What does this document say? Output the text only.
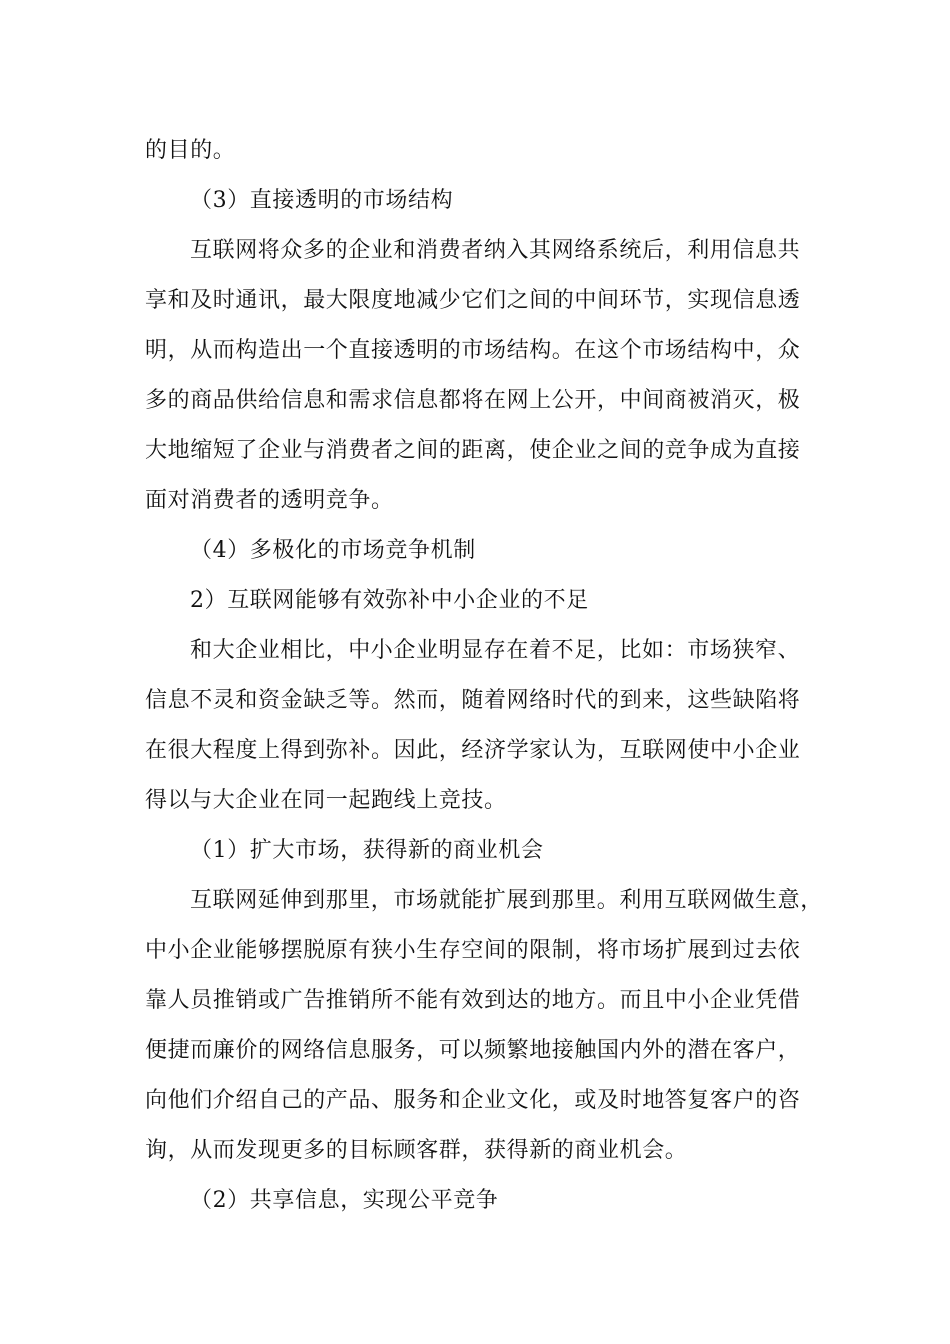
的目的。
（3）直接透明的市场结构
互联网将众多的企业和消费者纳入其网络系统后，利用信息共
享和及时通讯，最大限度地减少它们之间的中间环节，实现信息透
明，从而构造出一个直接透明的市场结构。在这个市场结构中，众
多的商品供给信息和需求信息都将在网上公开，中间商被消灭，极
大地缩短了企业与消费者之间的距离，使企业之间的竞争成为直接
面对消费者的透明竞争。
（4）多极化的市场竞争机制
2）互联网能够有效弥补中小企业的不足
和大企业相比，中小企业明显存在着不足，比如：市场狭窄、
信息不灵和资金缺乏等。然而，随着网络时代的到来，这些缺陷将
在很大程度上得到弥补。因此，经济学家认为，互联网使中小企业
得以与大企业在同一起跑线上竞技。
（1）扩大市场，获得新的商业机会
互联网延伸到那里，市场就能扩展到那里。利用互联网做生意，
中小企业能够摆脱原有狭小生存空间的限制，将市场扩展到过去依
靠人员推销或广告推销所不能有效到达的地方。而且中小企业凭借
便捷而廉价的网络信息服务，可以频繁地接触国内外的潜在客户，
向他们介绍自己的产品、服务和企业文化，或及时地答复客户的咨
询，从而发现更多的目标顾客群，获得新的商业机会。
（2）共享信息，实现公平竞争
